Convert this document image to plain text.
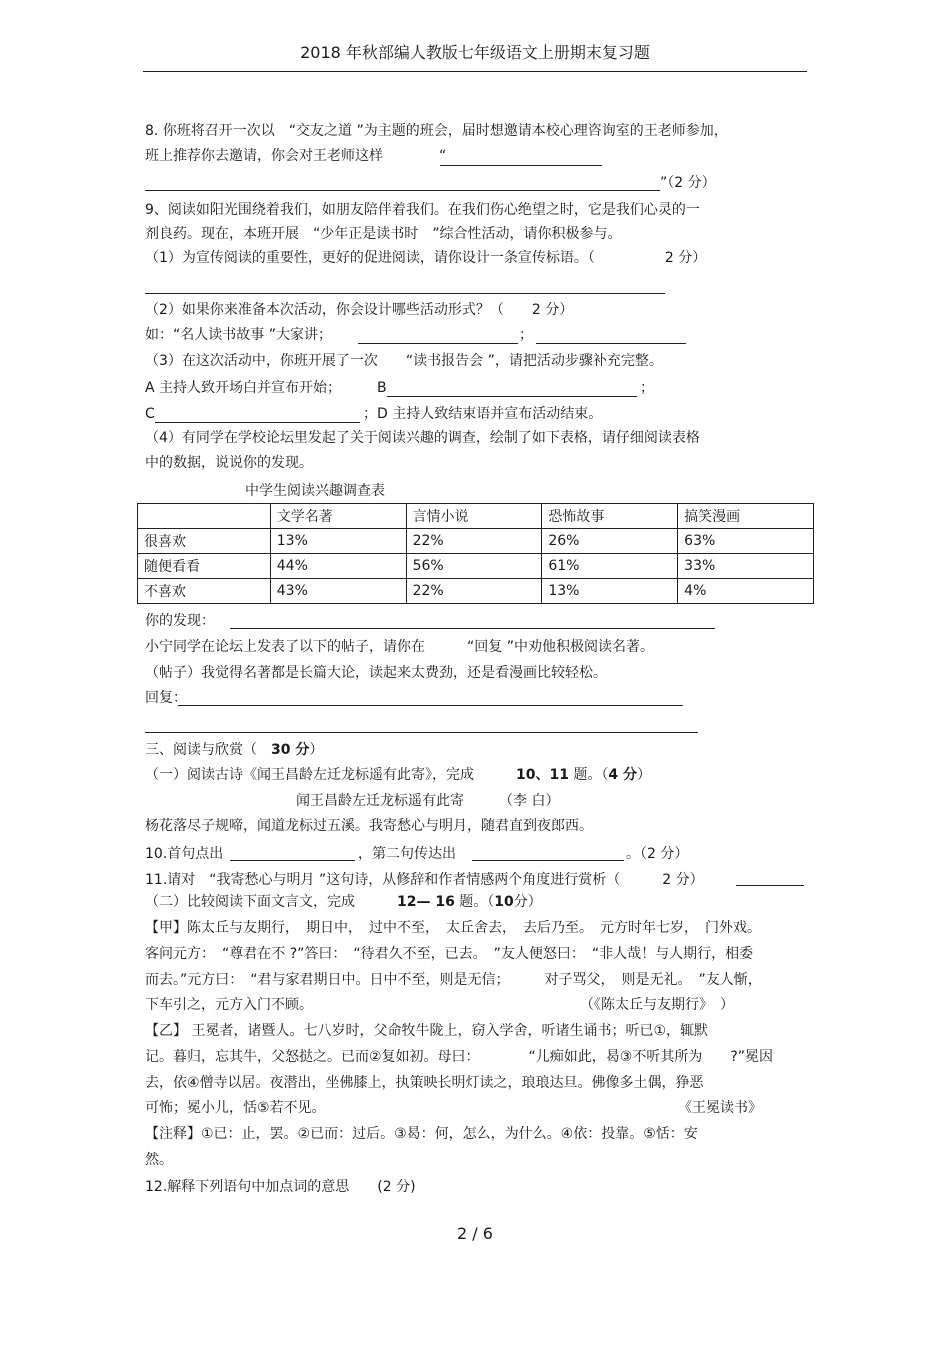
2018 年秋部编人教版七年级语文上册期末复习题
8. 你班将召开一次以　“交友之道 ”为主题的班会，届时想邀请本校心理咨询室的王老师参加，
班上推荐你去邀请，你会对王老师这样　　　　“
”（2 分）
9、阅读如阳光围绕着我们，如朋友陪伴着我们。在我们伤心绝望之时，它是我们心灵的一
剂良药。现在，本班开展　“少年正是读书时　”综合性活动，请你积极参与。
（1）为宣传阅读的重要性，更好的促进阅读，请你设计一条宣传标语。（　　　　　2 分）
（2）如果你来准备本次活动，你会设计哪些活动形式？（　　2 分）
如：“名人读书故事 ”大家讲；	；
（3）在这次活动中，你班开展了一次　　“读书报告会 ”，请把活动步骤补充完整。
A 主持人致开场白并宣布开始；	B	；
C	；D 主持人致结束语并宣布活动结束。
（4）有同学在学校论坛里发起了关于阅读兴趣的调查，绘制了如下表格，请仔细阅读表格
中的数据，说说你的发现。
中学生阅读兴趣调查表
	文学名著	言情小说	恐怖故事	搞笑漫画
很喜欢	13%	22%	26%	63%
随便看看	44%	56%	61%	33%
不喜欢	43%	22%	13%	4%
你的发现：
小宁同学在论坛上发表了以下的帖子，请你在　　　“回复 ”中劝他积极阅读名著。
（帖子）我觉得名著都是长篇大论，读起来太费劲，还是看漫画比较轻松。
回复：
三、阅读与欣赏（　30 分）
（一）阅读古诗《闻王昌龄左迁龙标遥有此寄》，完成　　　10、11 题。（4 分）
闻王昌龄左迁龙标遥有此寄　　　（李 白）
杨花落尽子规啼，闻道龙标过五溪。我寄愁心与明月，随君直到夜郎西。
10.首句点出	，第二句传达出	。（2 分）
11.请对　“我寄愁心与明月 ”这句诗，从修辞和作者情感两个角度进行赏析（　　　2 分）
（二）比较阅读下面文言文，完成　　　12— 16 题。（10分）
【甲】陈太丘与友期行，　期日中，　过中不至，　太丘舍去，　去后乃至。　元方时年七岁，　门外戏。
客问元方：　“尊君在不 ?”答曰：　“待君久不至，已去。　”友人便怒曰：　“非人哉！与人期行，相委
而去。”元方曰：　“君与家君期日中。日中不至，则是无信；　　　对子骂父，　则是无礼。　”友人惭，
下车引之，元方入门不顾。	（《陈太丘与友期行》　）
【乙】 王冕者，诸暨人。七八岁时，父命牧牛陇上，窃入学舍，听诸生诵书；听已①，辄默
记。暮归，忘其牛，父怒挞之。已而②复如初。母曰：　　　　“儿痴如此，曷③不听其所为　　?”冕因
去，依④僧寺以居。夜潜出，坐佛膝上，执策映长明灯读之，琅琅达旦。佛像多土偶，狰恶
可怖；冕小儿，恬⑤若不见。	《王冕读书》
【注释】①已：止，罢。②已而：过后。③曷：何，怎么，为什么。④依：投靠。⑤恬：安
然。
12.解释下列语句中加点词的意思　　(2 分)
2 / 6
